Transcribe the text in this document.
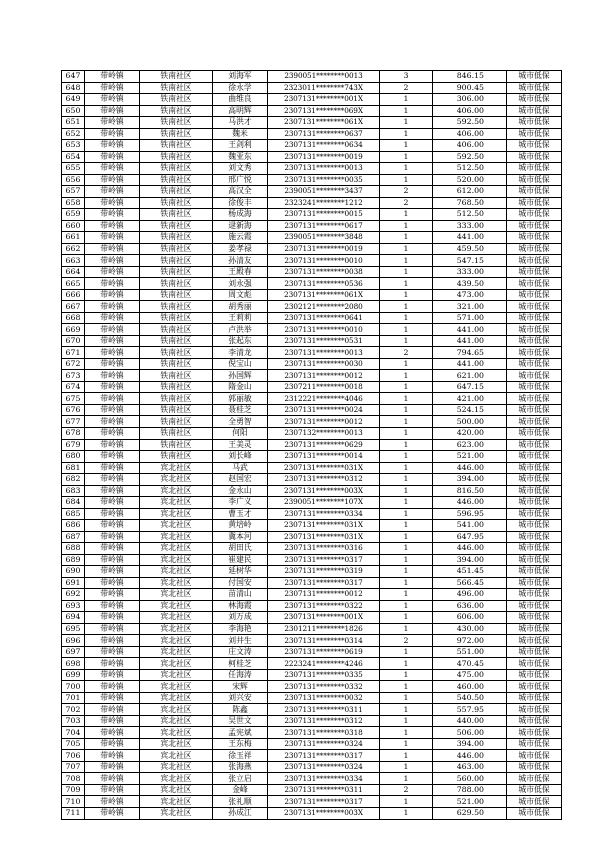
647	带岭镇	铁南社区	刘海军	2390051********0013	3	846.15	城市低保
648	带岭镇	铁南社区	徐永学	2323011********743X	2	900.45	城市低保
649	带岭镇	铁南社区	曲维良	2307131********001X	1	306.00	城市低保
650	带岭镇	铁南社区	高明辉	2307131********069X	1	406.00	城市低保
651	带岭镇	铁南社区	马洪才	2307131********061X	1	592.50	城市低保
652	带岭镇	铁南社区	魏米	2307131********0637	1	406.00	城市低保
653	带岭镇	铁南社区	王剑利	2307131********0634	1	406.00	城市低保
654	带岭镇	铁南社区	魏亚东	2307131********0019	1	592.50	城市低保
655	带岭镇	铁南社区	刘文秀	2307131********0013	1	512.50	城市低保
656	带岭镇	铁南社区	邢广悦	2307131********0035	1	520.00	城市低保
657	带岭镇	铁南社区	高汉全	2390051********3437	2	612.00	城市低保
658	带岭镇	铁南社区	徐俊丰	2323241********1212	2	768.50	城市低保
659	带岭镇	铁南社区	杨成海	2307131********0015	1	512.50	城市低保
660	带岭镇	铁南社区	逯新海	2307131********0617	1	333.00	城市低保
661	带岭镇	铁南社区	施云霞	2390051********3848	1	441.00	城市低保
662	带岭镇	铁南社区	姜孝禄	2307131********0019	1	459.50	城市低保
663	带岭镇	铁南社区	孙清友	2307131********0010	1	547.15	城市低保
664	带岭镇	铁南社区	王殿春	2307131********0038	1	333.00	城市低保
665	带岭镇	铁南社区	刘永强	2307131********0536	1	439.50	城市低保
666	带岭镇	铁南社区	周文彪	2307131********061X	1	473.00	城市低保
667	带岭镇	铁南社区	胡秀丽	2302121********2080	1	321.00	城市低保
668	带岭镇	铁南社区	王莉莉	2307131********0641	1	571.00	城市低保
669	带岭镇	铁南社区	卢洪举	2307131********0010	1	441.00	城市低保
670	带岭镇	铁南社区	张起东	2307131********0531	1	441.00	城市低保
671	带岭镇	铁南社区	李清龙	2307131********0013	2	794.65	城市低保
672	带岭镇	铁南社区	倪宝山	2307131********0030	1	441.00	城市低保
673	带岭镇	铁南社区	孙国辉	2307131********0012	1	621.00	城市低保
674	带岭镇	铁南社区	隋金山	2307211********0018	1	647.15	城市低保
675	带岭镇	铁南社区	郭丽敏	2312221********4046	1	421.00	城市低保
676	带岭镇	铁南社区	聂桂芝	2307131********0024	1	524.15	城市低保
677	带岭镇	铁南社区	全勇智	2307131********0012	1	500.00	城市低保
678	带岭镇	铁南社区	何阳	2307132********0013	1	420.00	城市低保
679	带岭镇	铁南社区	王美灵	2307131********0629	1	623.00	城市低保
680	带岭镇	铁南社区	刘长峰	2307131********0014	1	521.00	城市低保
681	带岭镇	宾北社区	马武	2307131********031X	1	446.00	城市低保
682	带岭镇	宾北社区	赵国宏	2307131********0312	1	394.00	城市低保
683	带岭镇	宾北社区	金永山	2307131********003X	1	816.50	城市低保
684	带岭镇	宾北社区	李广义	2390051********107X	1	446.00	城市低保
685	带岭镇	宾北社区	曹玉才	2307131********0334	1	596.95	城市低保
686	带岭镇	宾北社区	黄培岭	2307131********031X	1	541.00	城市低保
687	带岭镇	宾北社区	冀本河	2307131********031X	1	647.95	城市低保
688	带岭镇	宾北社区	胡田氏	2307131********0316	1	446.00	城市低保
689	带岭镇	宾北社区	崔建民	2307131********0317	1	394.00	城市低保
690	带岭镇	宾北社区	延树华	2307131********0319	1	451.45	城市低保
691	带岭镇	宾北社区	付国安	2307131********0317	1	566.45	城市低保
692	带岭镇	宾北社区	苗清山	2307131********0012	1	496.00	城市低保
693	带岭镇	宾北社区	林海霞	2307131********0322	1	636.00	城市低保
694	带岭镇	宾北社区	刘万成	2307131********001X	1	606.00	城市低保
695	带岭镇	宾北社区	李海艳	2301211********1826	1	430.00	城市低保
696	带岭镇	宾北社区	刘井生	2307131********0314	2	972.00	城市低保
697	带岭镇	宾北社区	庄文涛	2307131********0619	1	551.00	城市低保
698	带岭镇	宾北社区	柯桂芝	2223241********4246	1	470.45	城市低保
699	带岭镇	宾北社区	任海涛	2307131********0335	1	475.00	城市低保
700	带岭镇	宾北社区	宋辉	2307131********0332	1	460.00	城市低保
701	带岭镇	宾北社区	刘兴安	2307131********0032	1	540.50	城市低保
702	带岭镇	宾北社区	陈鑫	2307131********0311	1	557.95	城市低保
703	带岭镇	宾北社区	吴世文	2307131********0312	1	440.00	城市低保
704	带岭镇	宾北社区	孟宪斌	2307131********0318	1	506.00	城市低保
705	带岭镇	宾北社区	王东梅	2307131********0324	1	394.00	城市低保
706	带岭镇	宾北社区	徐玉祥	2307131********0317	1	446.00	城市低保
707	带岭镇	宾北社区	张海燕	2307131********0324	1	463.00	城市低保
708	带岭镇	宾北社区	张立启	2307131********0334	1	560.00	城市低保
709	带岭镇	宾北社区	金峰	2307131********0311	2	788.00	城市低保
710	带岭镇	宾北社区	张礼顺	2307131********0317	1	521.00	城市低保
711	带岭镇	宾北社区	孙成江	2307131********003X	1	629.50	城市低保
